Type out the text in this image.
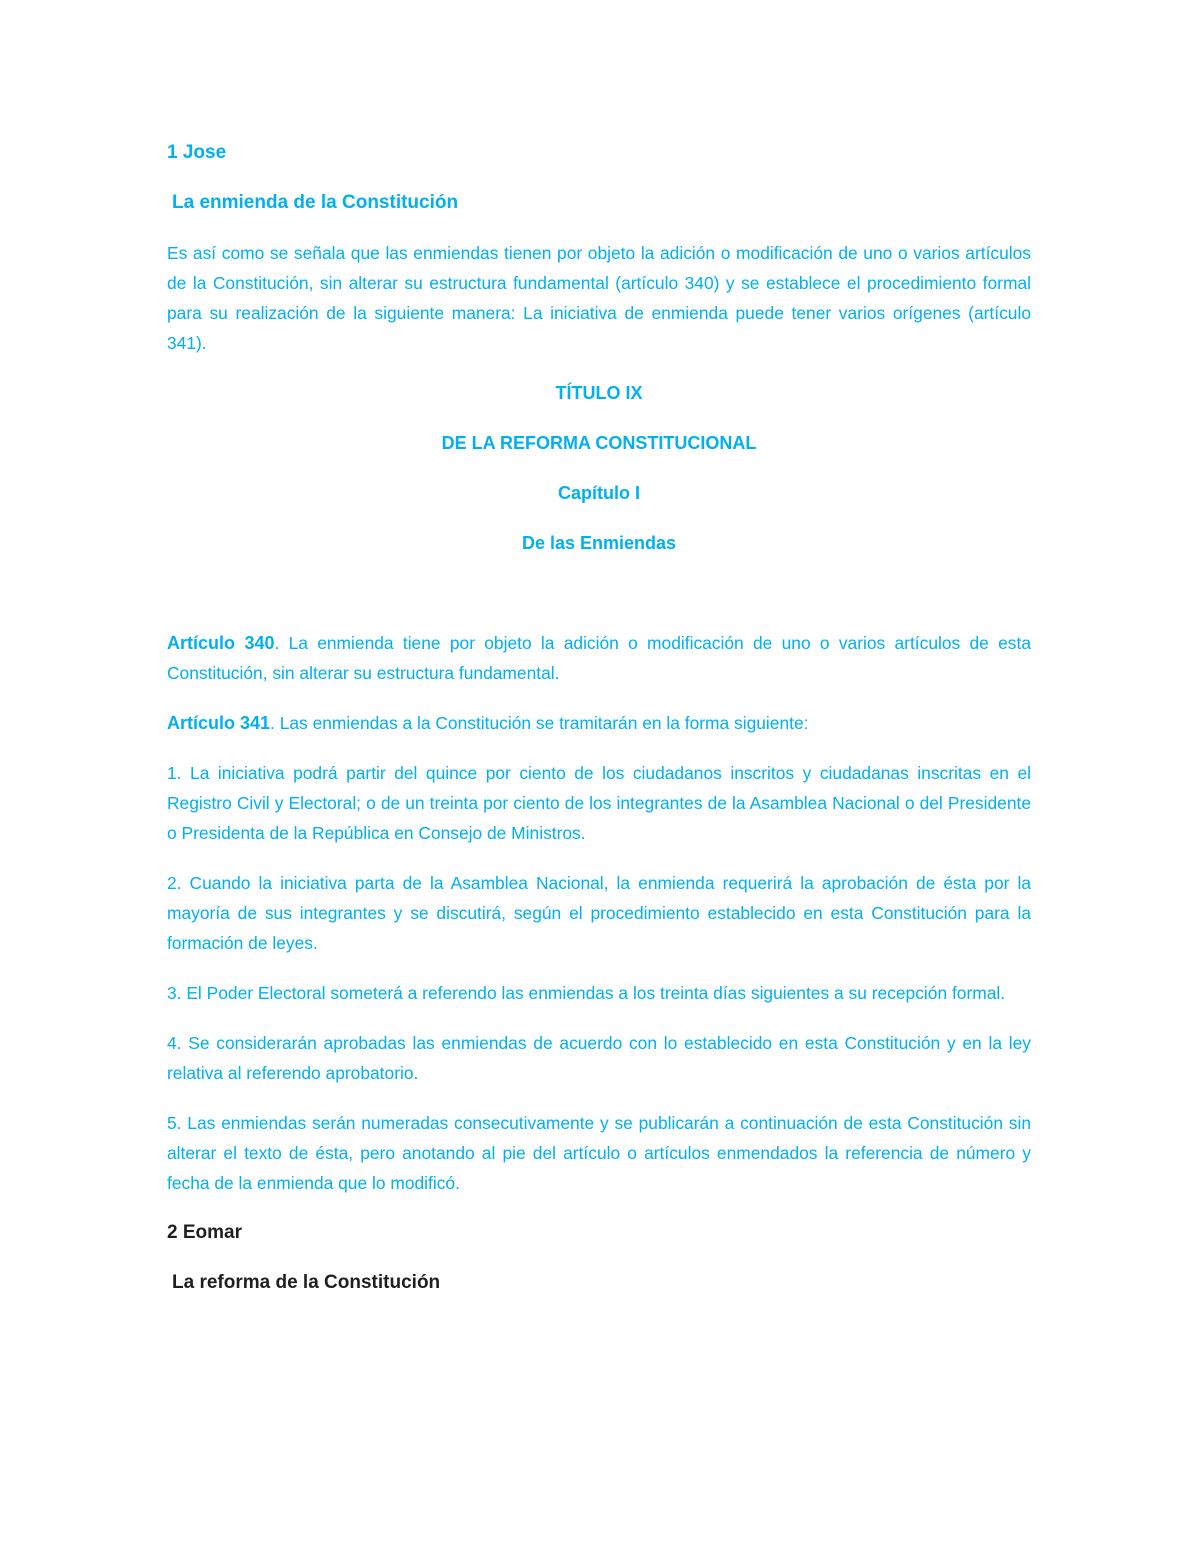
1 Jose
La enmienda de la Constitución

Es así como se señala que las enmiendas tienen por objeto la adición o modificación de uno o varios artículos de la Constitución, sin alterar su estructura fundamental (artículo 340) y se establece el procedimiento formal para su realización de la siguiente manera: La iniciativa de enmienda puede tener varios orígenes (artículo 341).

TÍTULO IX
DE LA REFORMA CONSTITUCIONAL
Capítulo I
De las Enmiendas

Artículo 340. La enmienda tiene por objeto la adición o modificación de uno o varios artículos de esta Constitución, sin alterar su estructura fundamental.

Artículo 341. Las enmiendas a la Constitución se tramitarán en la forma siguiente:

1. La iniciativa podrá partir del quince por ciento de los ciudadanos inscritos y ciudadanas inscritas en el Registro Civil y Electoral; o de un treinta por ciento de los integrantes de la Asamblea Nacional o del Presidente o Presidenta de la República en Consejo de Ministros.

2. Cuando la iniciativa parta de la Asamblea Nacional, la enmienda requerirá la aprobación de ésta por la mayoría de sus integrantes y se discutirá, según el procedimiento establecido en esta Constitución para la formación de leyes.

3. El Poder Electoral someterá a referendo las enmiendas a los treinta días siguientes a su recepción formal.

4. Se considerarán aprobadas las enmiendas de acuerdo con lo establecido en esta Constitución y en la ley relativa al referendo aprobatorio.

5. Las enmiendas serán numeradas consecutivamente y se publicarán a continuación de esta Constitución sin alterar el texto de ésta, pero anotando al pie del artículo o artículos enmendados la referencia de número y fecha de la enmienda que lo modificó.

2 Eomar
La reforma de la Constitución
